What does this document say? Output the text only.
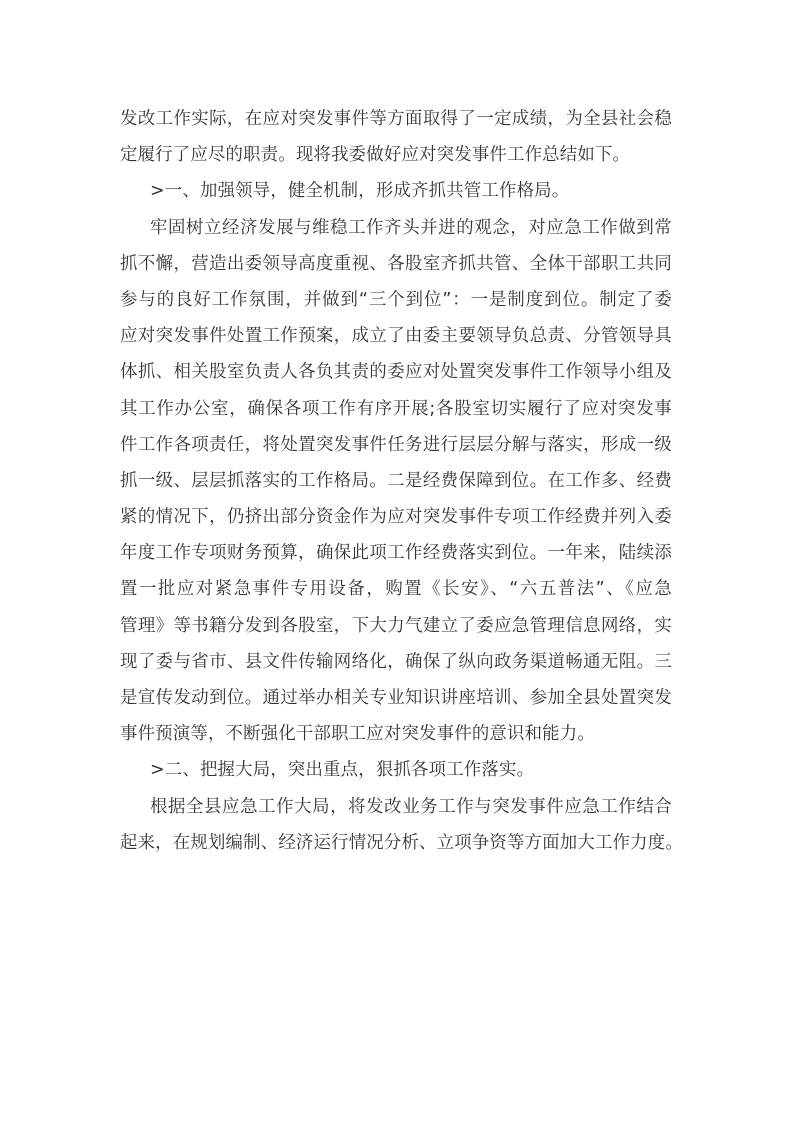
发改工作实际，在应对突发事件等方面取得了一定成绩，为全县社会稳
定履行了应尽的职责。现将我委做好应对突发事件工作总结如下。
>一、加强领导，健全机制，形成齐抓共管工作格局。
牢固树立经济发展与维稳工作齐头并进的观念，对应急工作做到常
抓不懈，营造出委领导高度重视、各股室齐抓共管、全体干部职工共同
参与的良好工作氛围，并做到“三个到位”：一是制度到位。制定了委
应对突发事件处置工作预案，成立了由委主要领导负总责、分管领导具
体抓、相关股室负责人各负其责的委应对处置突发事件工作领导小组及
其工作办公室，确保各项工作有序开展;各股室切实履行了应对突发事
件工作各项责任，将处置突发事件任务进行层层分解与落实，形成一级
抓一级、层层抓落实的工作格局。二是经费保障到位。在工作多、经费
紧的情况下，仍挤出部分资金作为应对突发事件专项工作经费并列入委
年度工作专项财务预算，确保此项工作经费落实到位。一年来，陆续添
置一批应对紧急事件专用设备，购置《长安》、“六五普法”、《应急
管理》等书籍分发到各股室，下大力气建立了委应急管理信息网络，实
现了委与省市、县文件传输网络化，确保了纵向政务渠道畅通无阻。三
是宣传发动到位。通过举办相关专业知识讲座培训、参加全县处置突发
事件预演等，不断强化干部职工应对突发事件的意识和能力。
>二、把握大局，突出重点，狠抓各项工作落实。
根据全县应急工作大局，将发改业务工作与突发事件应急工作结合
起来，在规划编制、经济运行情况分析、立项争资等方面加大工作力度。
